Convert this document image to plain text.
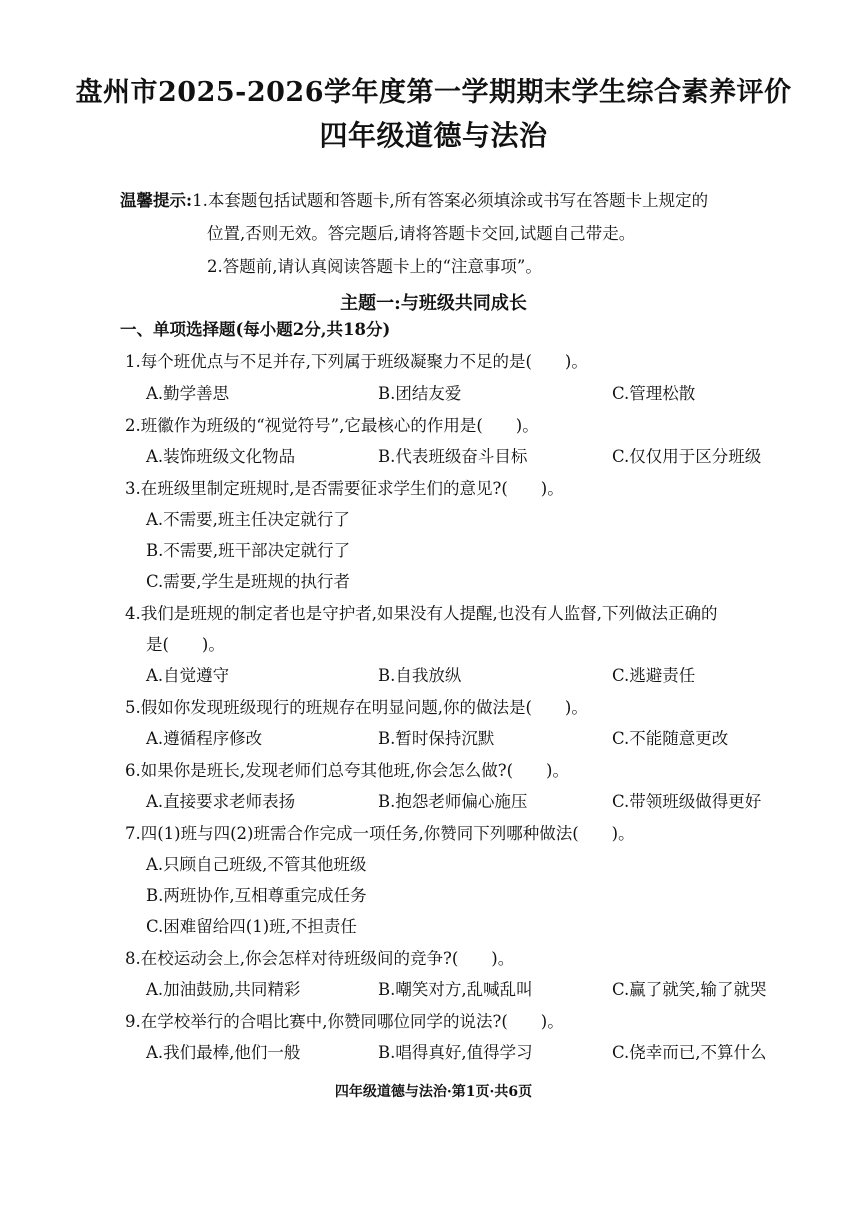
盘州市2025-2026学年度第一学期期末学生综合素养评价
四年级道德与法治
温馨提示:1.本套题包括试题和答题卡,所有答案必须填涂或书写在答题卡上规定的
位置,否则无效。答完题后,请将答题卡交回,试题自己带走。
2.答题前,请认真阅读答题卡上的“注意事项”。
主题一:与班级共同成长
一、单项选择题(每小题2分,共18分)
1.每个班优点与不足并存,下列属于班级凝聚力不足的是(　　)。
A.勤学善思	B.团结友爱	C.管理松散
2.班徽作为班级的“视觉符号”,它最核心的作用是(　　)。
A.装饰班级文化物品	B.代表班级奋斗目标	C.仅仅用于区分班级
3.在班级里制定班规时,是否需要征求学生们的意见?(　　)。
A.不需要,班主任决定就行了
B.不需要,班干部决定就行了
C.需要,学生是班规的执行者
4.我们是班规的制定者也是守护者,如果没有人提醒,也没有人监督,下列做法正确的
是(　　)。
A.自觉遵守	B.自我放纵	C.逃避责任
5.假如你发现班级现行的班规存在明显问题,你的做法是(　　)。
A.遵循程序修改	B.暂时保持沉默	C.不能随意更改
6.如果你是班长,发现老师们总夸其他班,你会怎么做?(　　)。
A.直接要求老师表扬	B.抱怨老师偏心施压	C.带领班级做得更好
7.四(1)班与四(2)班需合作完成一项任务,你赞同下列哪种做法(　　)。
A.只顾自己班级,不管其他班级
B.两班协作,互相尊重完成任务
C.困难留给四(1)班,不担责任
8.在校运动会上,你会怎样对待班级间的竞争?(　　)。
A.加油鼓励,共同精彩	B.嘲笑对方,乱喊乱叫	C.赢了就笑,输了就哭
9.在学校举行的合唱比赛中,你赞同哪位同学的说法?(　　)。
A.我们最棒,他们一般	B.唱得真好,值得学习	C.侥幸而已,不算什么
四年级道德与法治·第1页·共6页
